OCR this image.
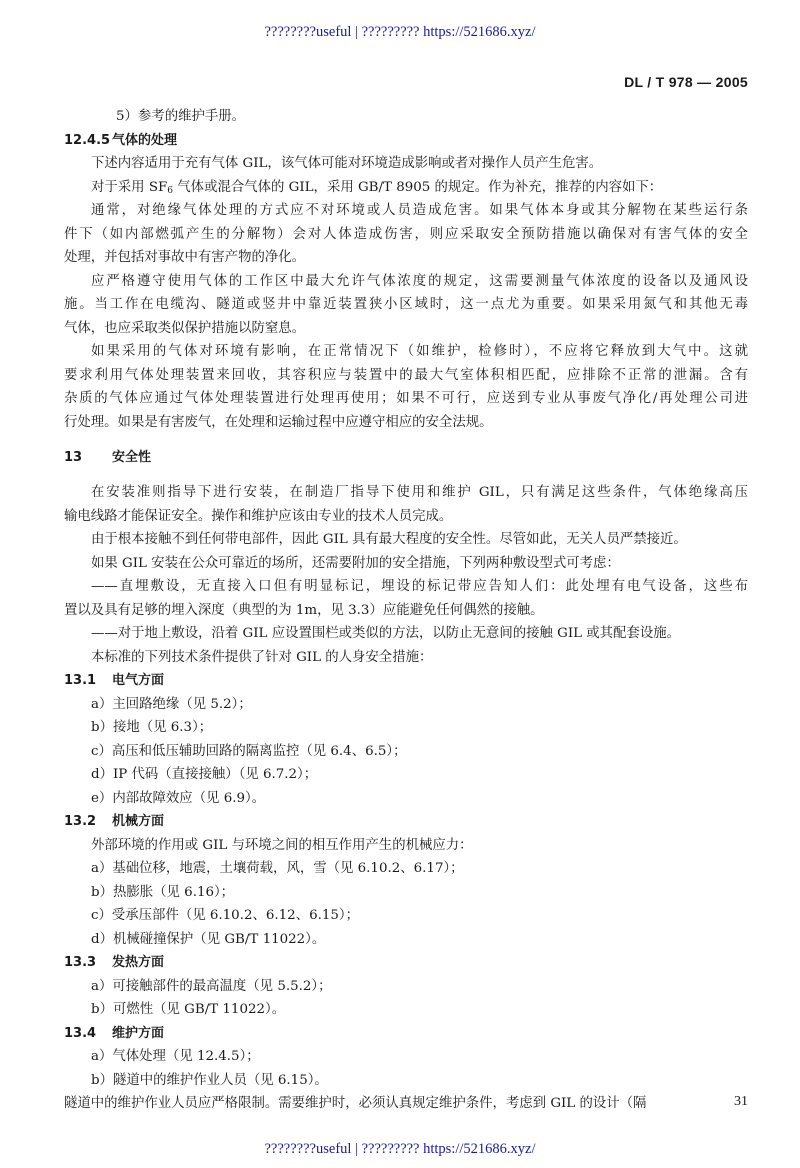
????????useful | ????????? https://521686.xyz/
DL / T 978 — 2005
5）参考的维护手册。
12.4.5 气体的处理
下述内容适用于充有气体 GIL，该气体可能对环境造成影响或者对操作人员产生危害。
对于采用 $SF_6$ 气体或混合气体的 GIL，采用 GB/T 8905 的规定。作为补充，推荐的内容如下：
通常，对绝缘气体处理的方式应不对环境或人员造成危害。如果气体本身或其分解物在某些运行条
件下（如内部燃弧产生的分解物）会对人体造成伤害，则应采取安全预防措施以确保对有害气体的安全
处理，并包括对事故中有害产物的净化。
应严格遵守使用气体的工作区中最大允许气体浓度的规定，这需要测量气体浓度的设备以及通风设
施。当工作在电缆沟、隧道或竖井中靠近装置狭小区域时，这一点尤为重要。如果采用氮气和其他无毒
气体，也应采取类似保护措施以防窒息。
如果采用的气体对环境有影响，在正常情况下（如维护，检修时），不应将它释放到大气中。这就
要求利用气体处理装置来回收，其容积应与装置中的最大气室体积相匹配，应排除不正常的泄漏。含有
杂质的气体应通过气体处理装置进行处理再使用；如果不可行，应送到专业从事废气净化/再处理公司进
行处理。如果是有害废气，在处理和运输过程中应遵守相应的安全法规。
13 安全性
在安装准则指导下进行安装，在制造厂指导下使用和维护 GIL，只有满足这些条件，气体绝缘高压
输电线路才能保证安全。操作和维护应该由专业的技术人员完成。
由于根本接触不到任何带电部件，因此 GIL 具有最大程度的安全性。尽管如此，无关人员严禁接近。
如果 GIL 安装在公众可靠近的场所，还需要附加的安全措施，下列两种敷设型式可考虑：
——直埋敷设，无直接入口但有明显标记，埋设的标记带应告知人们：此处埋有电气设备，这些布
置以及具有足够的埋入深度（典型的为 1m，见 3.3）应能避免任何偶然的接触。
——对于地上敷设，沿着 GIL 应设置围栏或类似的方法，以防止无意间的接触 GIL 或其配套设施。
本标准的下列技术条件提供了针对 GIL 的人身安全措施：
13.1 电气方面
a）主回路绝缘（见 5.2）；
b）接地（见 6.3）；
c）高压和低压辅助回路的隔离监控（见 6.4、6.5）；
d）IP 代码（直接接触）（见 6.7.2）；
e）内部故障效应（见 6.9）。
13.2 机械方面
外部环境的作用或 GIL 与环境之间的相互作用产生的机械应力：
a）基础位移，地震，土壤荷载，风，雪（见 6.10.2、6.17）；
b）热膨胀（见 6.16）；
c）受承压部件（见 6.10.2、6.12、6.15）；
d）机械碰撞保护（见 GB/T 11022）。
13.3 发热方面
a）可接触部件的最高温度（见 5.5.2）；
b）可燃性（见 GB/T 11022）。
13.4 维护方面
a）气体处理（见 12.4.5）；
b）隧道中的维护作业人员（见 6.15）。
隧道中的维护作业人员应严格限制。需要维护时，必须认真规定维护条件，考虑到 GIL 的设计（隔	31
????????useful | ????????? https://521686.xyz/
